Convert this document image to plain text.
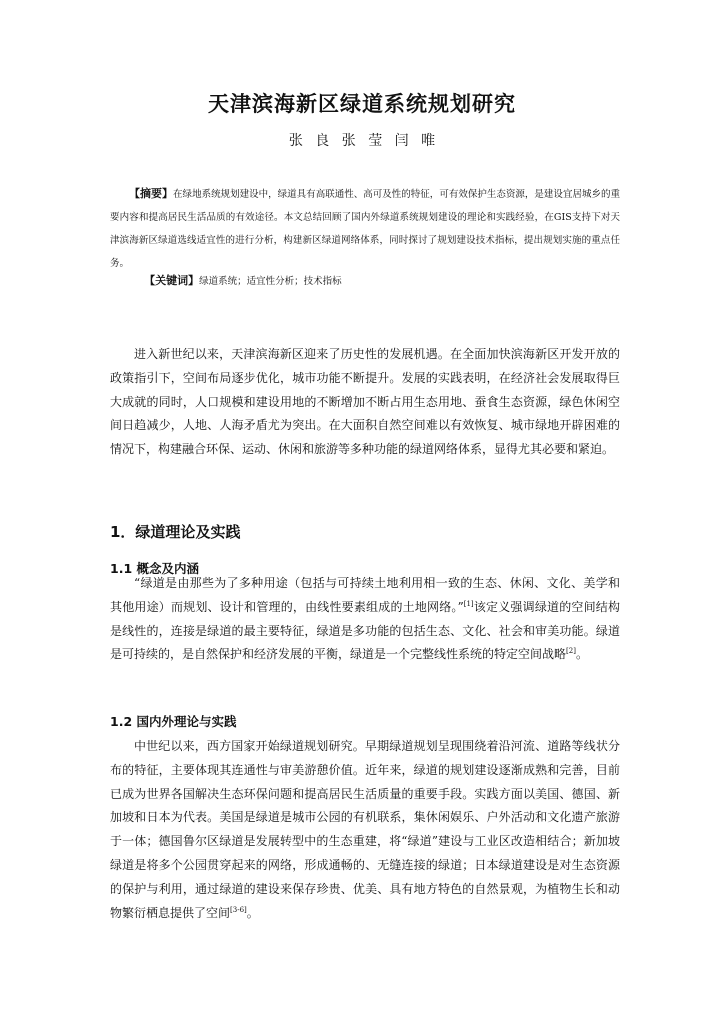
天津滨海新区绿道系统规划研究
张 良 张 莹 闫 唯
【摘要】在绿地系统规划建设中，绿道具有高联通性、高可及性的特征，可有效保护生态资源，是建设宜居城乡的重要内容和提高居民生活品质的有效途径。本文总结回顾了国内外绿道系统规划建设的理论和实践经验，在GIS支持下对天津滨海新区绿道选线适宜性的进行分析，构建新区绿道网络体系，同时探讨了规划建设技术指标，提出规划实施的重点任务。
【关键词】绿道系统；适宜性分析；技术指标

进入新世纪以来，天津滨海新区迎来了历史性的发展机遇。在全面加快滨海新区开发开放的政策指引下，空间布局逐步优化，城市功能不断提升。发展的实践表明，在经济社会发展取得巨大成就的同时，人口规模和建设用地的不断增加不断占用生态用地、蚕食生态资源，绿色休闲空间日趋减少，人地、人海矛盾尤为突出。在大面积自然空间难以有效恢复、城市绿地开辟困难的情况下，构建融合环保、运动、休闲和旅游等多种功能的绿道网络体系，显得尤其必要和紧迫。

1．绿道理论及实践
1.1 概念及内涵

“绿道是由那些为了多种用途（包括与可持续土地利用相一致的生态、休闲、文化、美学和其他用途）而规划、设计和管理的，由线性要素组成的土地网络。”[1]该定义强调绿道的空间结构是线性的，连接是绿道的最主要特征，绿道是多功能的包括生态、文化、社会和审美功能。绿道是可持续的，是自然保护和经济发展的平衡，绿道是一个完整线性系统的特定空间战略[2]。

1.2 国内外理论与实践

中世纪以来，西方国家开始绿道规划研究。早期绿道规划呈现围绕着沿河流、道路等线状分布的特征，主要体现其连通性与审美游憩价值。近年来，绿道的规划建设逐渐成熟和完善，目前已成为世界各国解决生态环保问题和提高居民生活质量的重要手段。实践方面以美国、德国、新加坡和日本为代表。美国是绿道是城市公园的有机联系，集休闲娱乐、户外活动和文化遗产旅游于一体；德国鲁尔区绿道是发展转型中的生态重建，将“绿道”建设与工业区改造相结合；新加坡绿道是将多个公园贯穿起来的网络，形成通畅的、无缝连接的绿道；日本绿道建设是对生态资源的保护与利用，通过绿道的建设来保存珍贵、优美、具有地方特色的自然景观，为植物生长和动物繁衍栖息提供了空间[3-6]。
